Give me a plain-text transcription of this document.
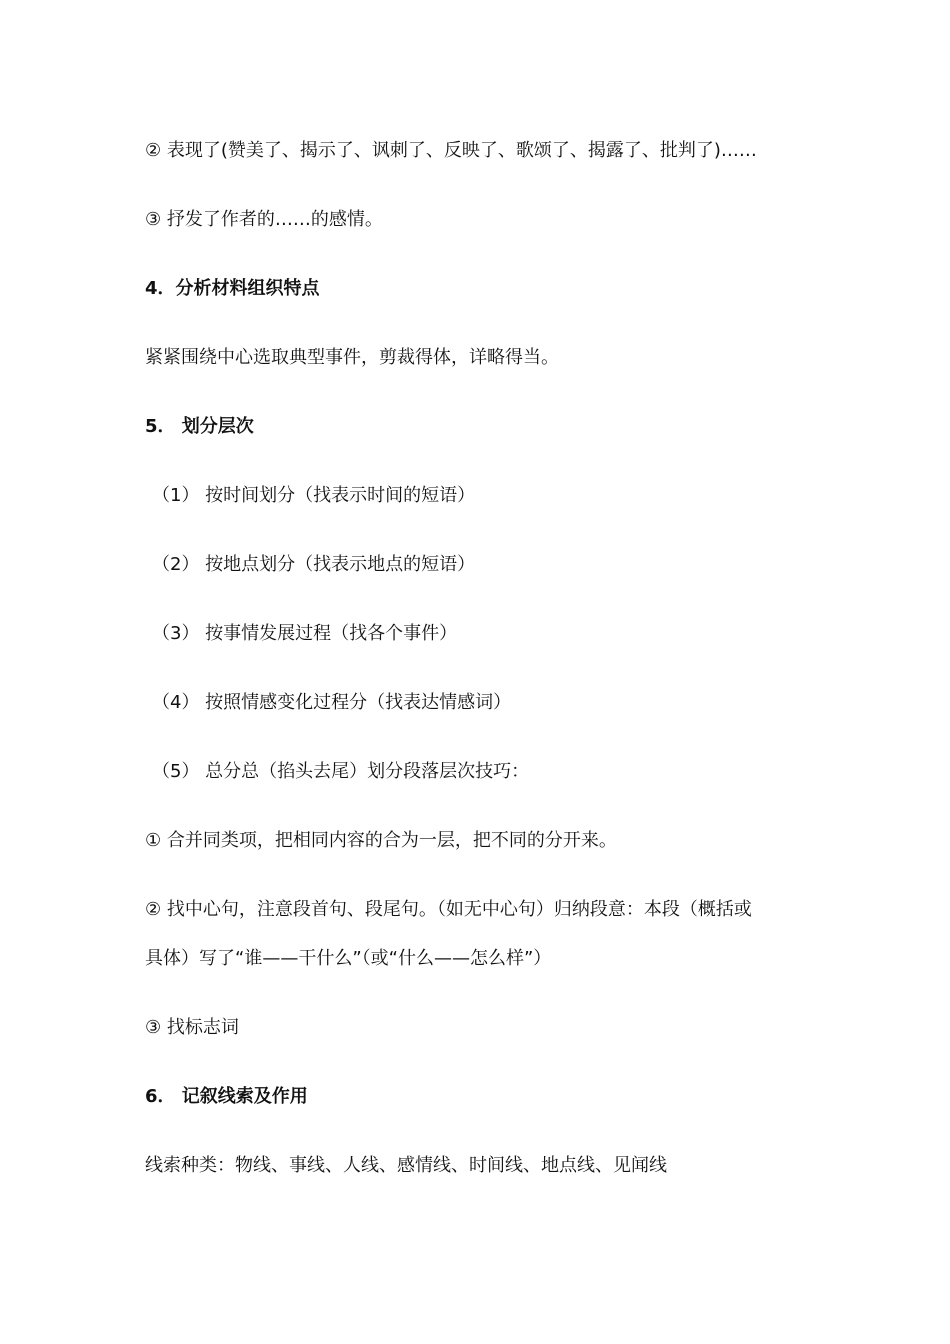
② 表现了(赞美了、揭示了、讽刺了、反映了、歌颂了、揭露了、批判了)……
③ 抒发了作者的……的感情。
4．分析材料组织特点
紧紧围绕中心选取典型事件，剪裁得体，详略得当。
5． 划分层次
（1） 按时间划分（找表示时间的短语）
（2） 按地点划分（找表示地点的短语）
（3） 按事情发展过程（找各个事件）
（4） 按照情感变化过程分（找表达情感词）
（5） 总分总（掐头去尾）划分段落层次技巧：
① 合并同类项，把相同内容的合为一层，把不同的分开来。
② 找中心句，注意段首句、段尾句。（如无中心句）归纳段意：本段（概括或
具体）写了“谁——干什么”（或“什么——怎么样”）
③ 找标志词
6． 记叙线索及作用
线索种类：物线、事线、人线、感情线、时间线、地点线、见闻线
